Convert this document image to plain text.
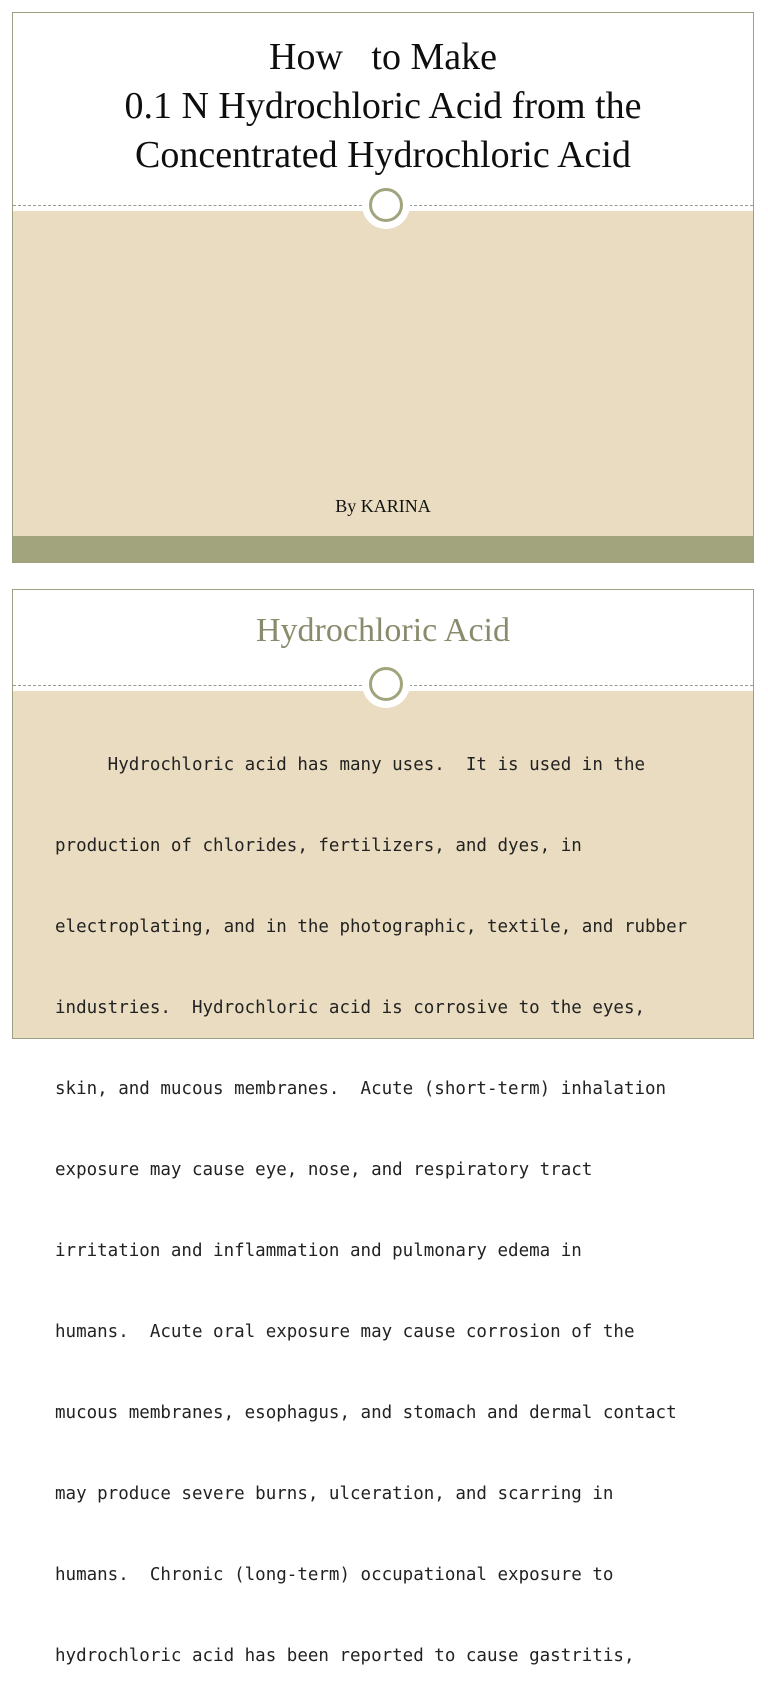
How   to Make
0.1 N Hydrochloric Acid from the
Concentrated Hydrochloric Acid
By KARINA
Hydrochloric Acid

Hydrochloric acid has many uses.  It is used in the

production of chlorides, fertilizers, and dyes, in

electroplating, and in the photographic, textile, and rubber

industries.  Hydrochloric acid is corrosive to the eyes,

skin, and mucous membranes.  Acute (short-term) inhalation

exposure may cause eye, nose, and respiratory tract

irritation and inflammation and pulmonary edema in

humans.  Acute oral exposure may cause corrosion of the

mucous membranes, esophagus, and stomach and dermal contact

may produce severe burns, ulceration, and scarring in

humans.  Chronic (long-term) occupational exposure to

hydrochloric acid has been reported to cause gastritis,
